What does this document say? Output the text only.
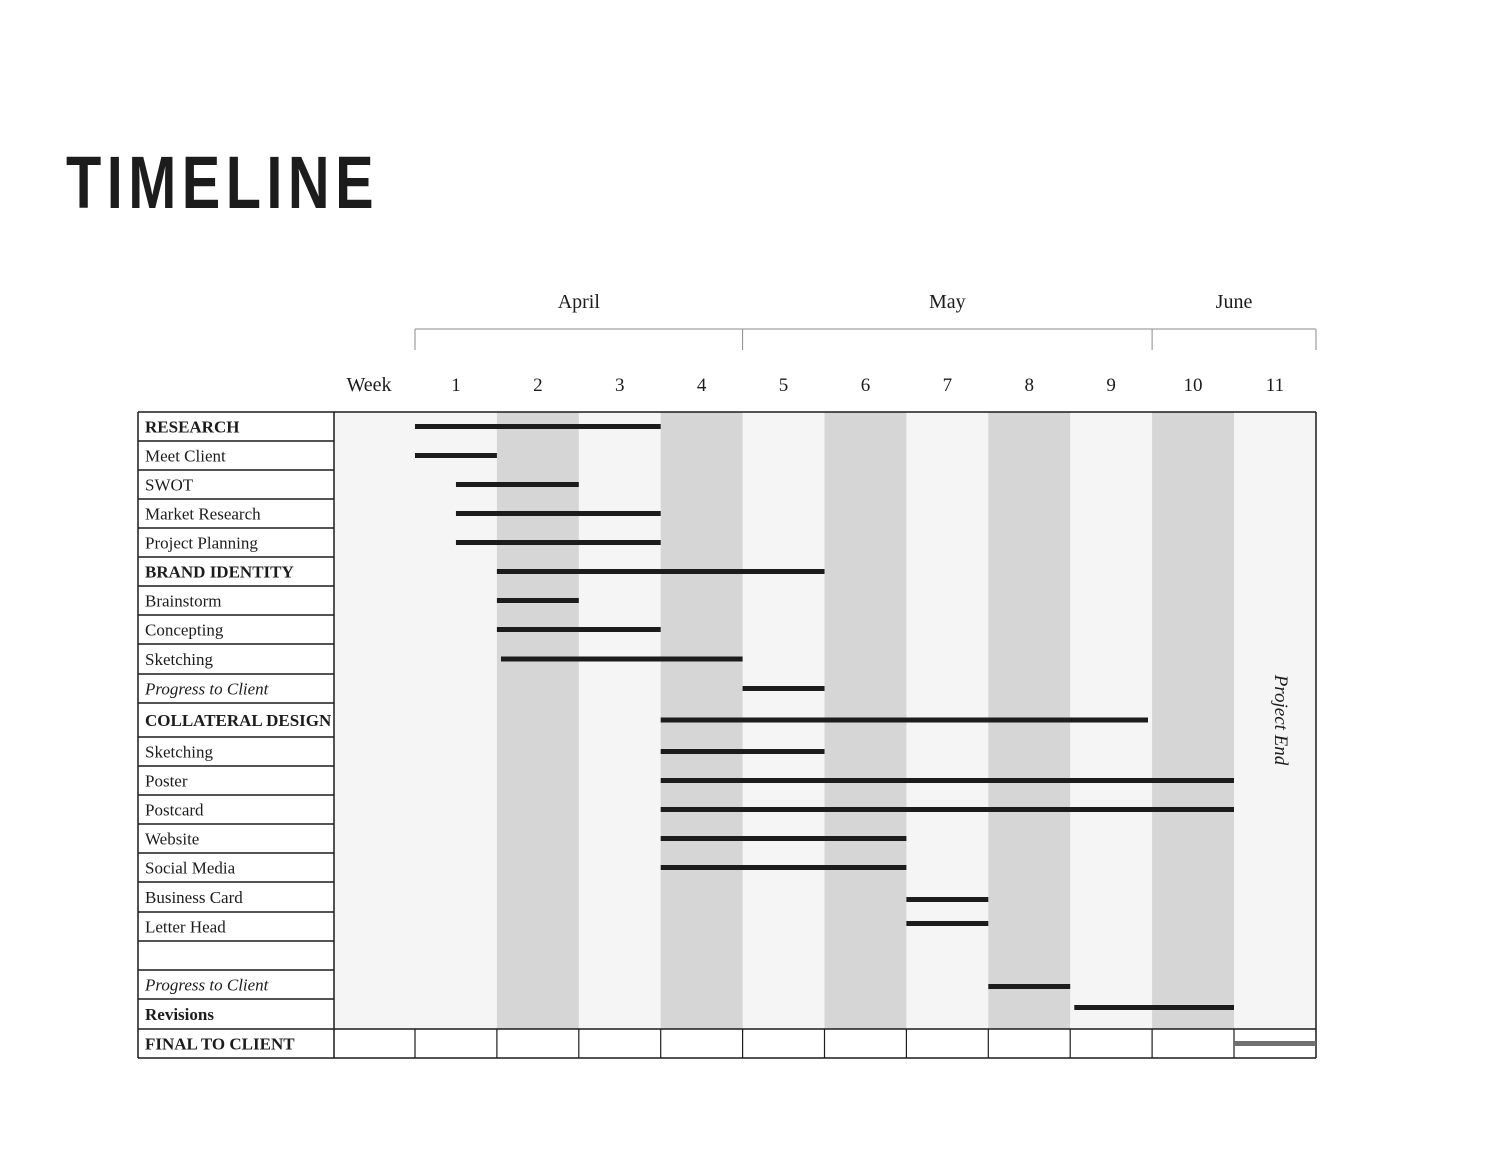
TIMELINE
April	May	June
Week	1	2	3	4	5	6	7	8	9	10	11
RESEARCH
Meet Client
SWOT
Market Research
Project Planning
BRAND IDENTITY
Brainstorm
Concepting
Sketching
Progress to Client
COLLATERAL DESIGN
Sketching
Poster
Postcard
Website
Social Media
Business Card
Letter Head
Progress to Client
Revisions
FINAL TO CLIENT
Project End
